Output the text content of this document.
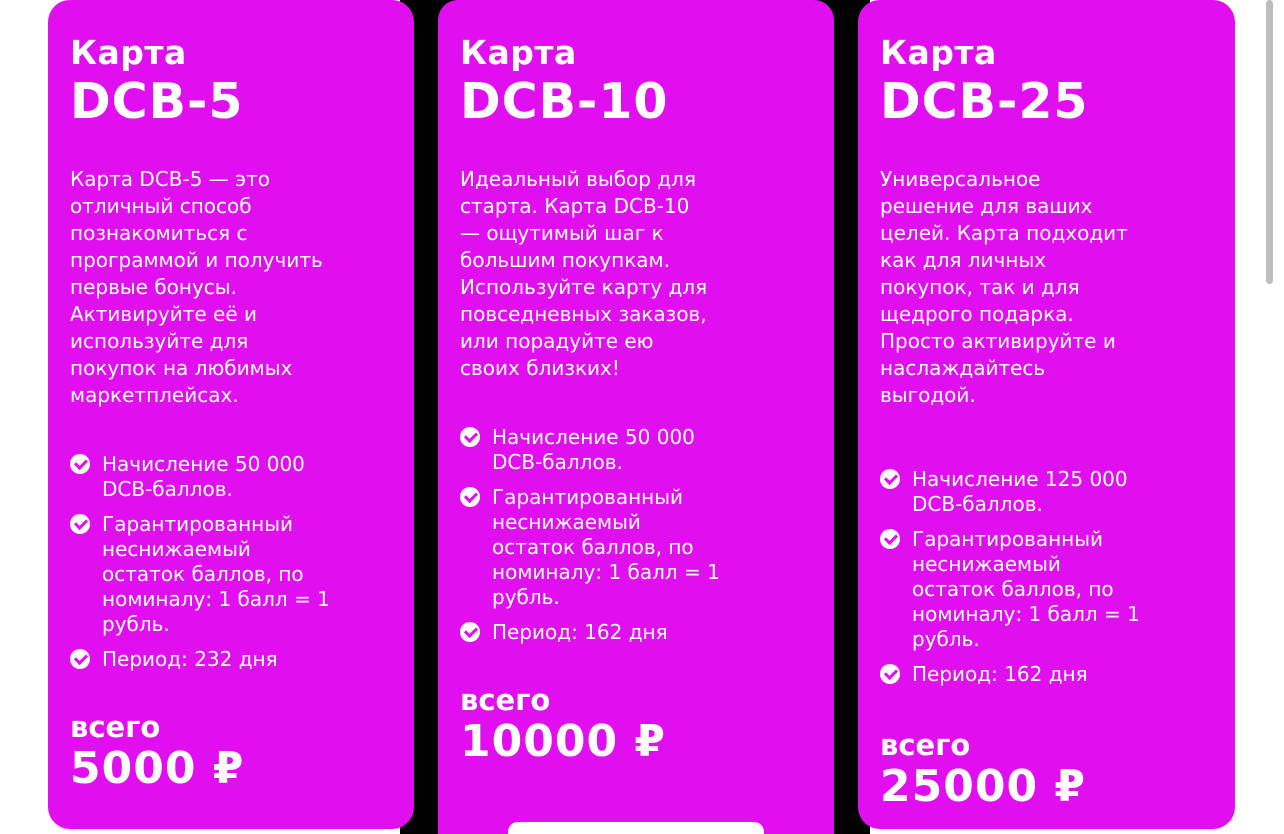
Карта
DCB-5

Карта DCB-5 — это
отличный способ
познакомиться с
программой и получить
первые бонусы.
Активируйте её и
используйте для
покупок на любимых
маркетплейсах.

Начисление 50 000
DCB-баллов.
Гарантированный
неснижаемый
остаток баллов, по
номиналу: 1 балл = 1
рубль.
Период: 232 дня
всего
5000 ₽
Карта
DCB-10

Идеальный выбор для
старта. Карта DCB-10
— ощутимый шаг к
большим покупкам.
Используйте карту для
повседневных заказов,
или порадуйте ею
своих близких!

Начисление 50 000
DCB-баллов.
Гарантированный
неснижаемый
остаток баллов, по
номиналу: 1 балл = 1
рубль.
Период: 162 дня
всего
10000 ₽
Карта
DCB-25

Универсальное
решение для ваших
целей. Карта подходит
как для личных
покупок, так и для
щедрого подарка.
Просто активируйте и
наслаждайтесь
выгодой.

Начисление 125 000
DCB-баллов.
Гарантированный
неснижаемый
остаток баллов, по
номиналу: 1 балл = 1
рубль.
Период: 162 дня
всего
25000 ₽
